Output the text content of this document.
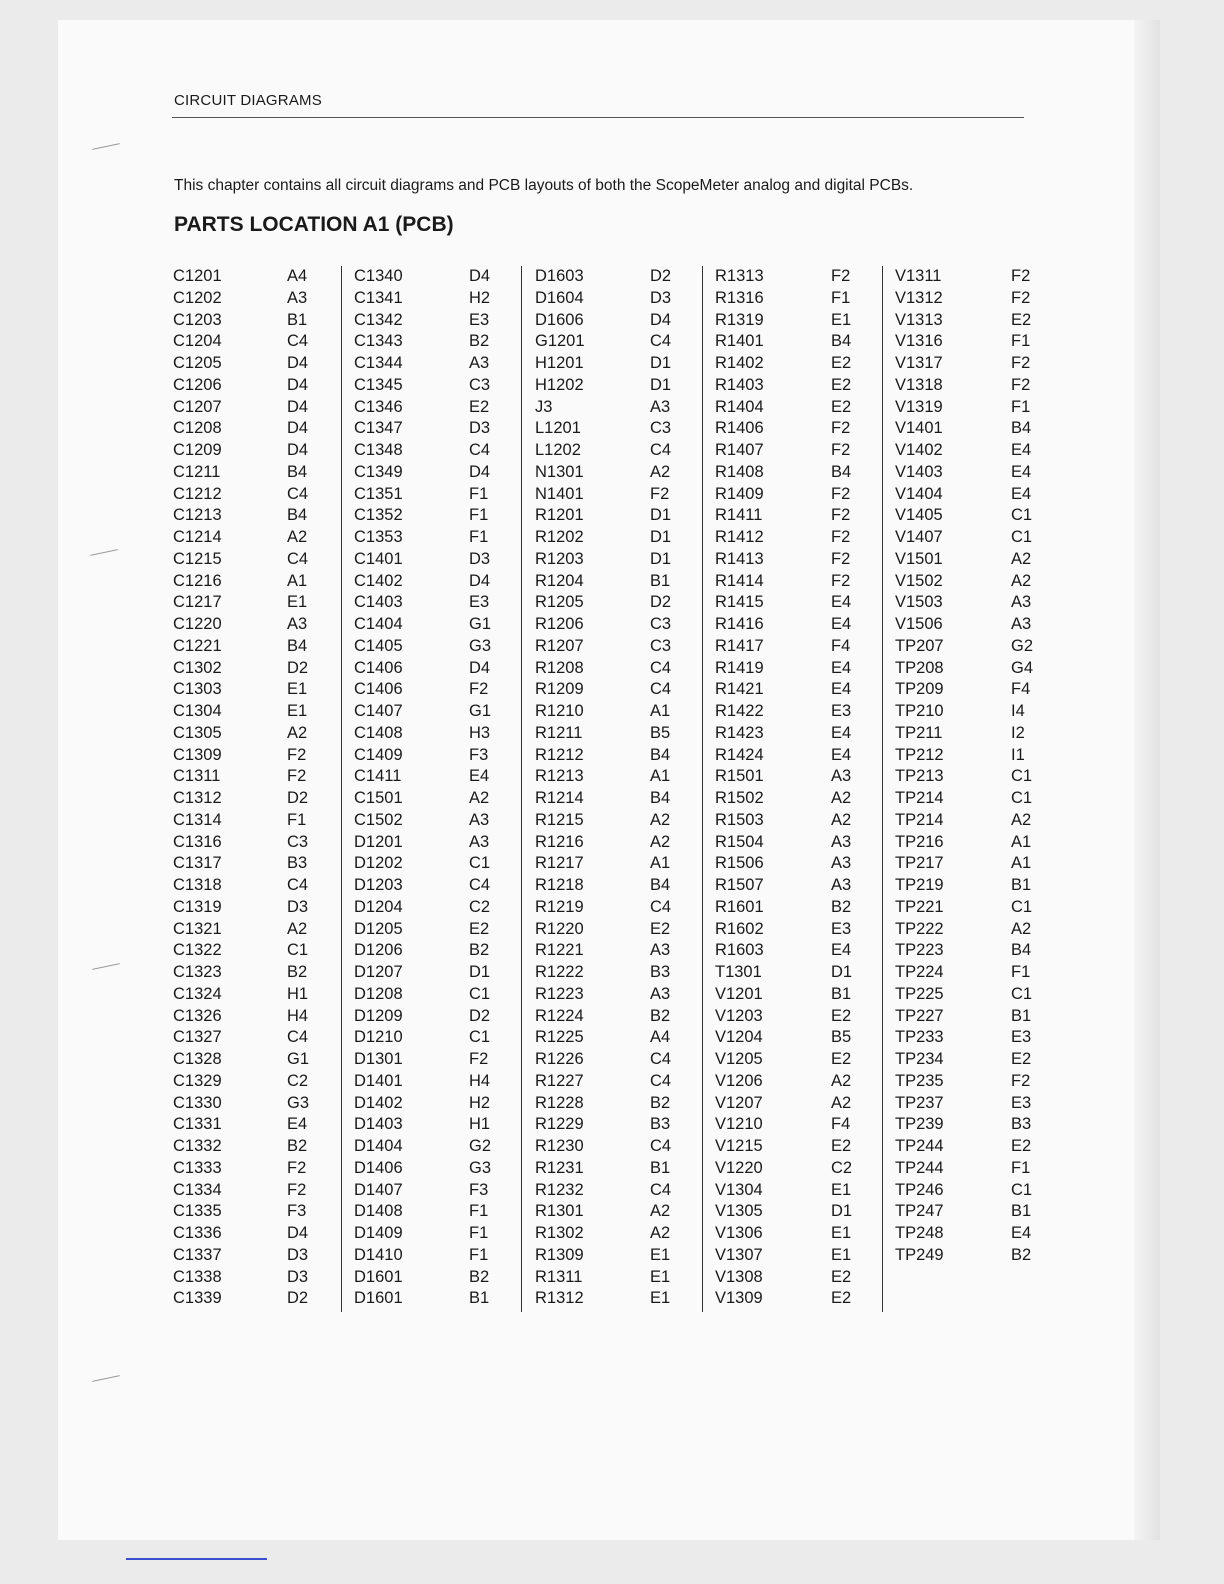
CIRCUIT DIAGRAMS
This chapter contains all circuit diagrams and PCB layouts of both the ScopeMeter analog and digital PCBs.
PARTS LOCATION A1 (PCB)
C1201	A4
C1202	A3
C1203	B1
C1204	C4
C1205	D4
C1206	D4
C1207	D4
C1208	D4
C1209	D4
C1211	B4
C1212	C4
C1213	B4
C1214	A2
C1215	C4
C1216	A1
C1217	E1
C1220	A3
C1221	B4
C1302	D2
C1303	E1
C1304	E1
C1305	A2
C1309	F2
C1311	F2
C1312	D2
C1314	F1
C1316	C3
C1317	B3
C1318	C4
C1319	D3
C1321	A2
C1322	C1
C1323	B2
C1324	H1
C1326	H4
C1327	C4
C1328	G1
C1329	C2
C1330	G3
C1331	E4
C1332	B2
C1333	F2
C1334	F2
C1335	F3
C1336	D4
C1337	D3
C1338	D3
C1339	D2
C1340	D4
C1341	H2
C1342	E3
C1343	B2
C1344	A3
C1345	C3
C1346	E2
C1347	D3
C1348	C4
C1349	D4
C1351	F1
C1352	F1
C1353	F1
C1401	D3
C1402	D4
C1403	E3
C1404	G1
C1405	G3
C1406	D4
C1406	F2
C1407	G1
C1408	H3
C1409	F3
C1411	E4
C1501	A2
C1502	A3
D1201	A3
D1202	C1
D1203	C4
D1204	C2
D1205	E2
D1206	B2
D1207	D1
D1208	C1
D1209	D2
D1210	C1
D1301	F2
D1401	H4
D1402	H2
D1403	H1
D1404	G2
D1406	G3
D1407	F3
D1408	F1
D1409	F1
D1410	F1
D1601	B2
D1601	B1
D1603	D2
D1604	D3
D1606	D4
G1201	C4
H1201	D1
H1202	D1
J3	A3
L1201	C3
L1202	C4
N1301	A2
N1401	F2
R1201	D1
R1202	D1
R1203	D1
R1204	B1
R1205	D2
R1206	C3
R1207	C3
R1208	C4
R1209	C4
R1210	A1
R1211	B5
R1212	B4
R1213	A1
R1214	B4
R1215	A2
R1216	A2
R1217	A1
R1218	B4
R1219	C4
R1220	E2
R1221	A3
R1222	B3
R1223	A3
R1224	B2
R1225	A4
R1226	C4
R1227	C4
R1228	B2
R1229	B3
R1230	C4
R1231	B1
R1232	C4
R1301	A2
R1302	A2
R1309	E1
R1311	E1
R1312	E1
R1313	F2
R1316	F1
R1319	E1
R1401	B4
R1402	E2
R1403	E2
R1404	E2
R1406	F2
R1407	F2
R1408	B4
R1409	F2
R1411	F2
R1412	F2
R1413	F2
R1414	F2
R1415	E4
R1416	E4
R1417	F4
R1419	E4
R1421	E4
R1422	E3
R1423	E4
R1424	E4
R1501	A3
R1502	A2
R1503	A2
R1504	A3
R1506	A3
R1507	A3
R1601	B2
R1602	E3
R1603	E4
T1301	D1
V1201	B1
V1203	E2
V1204	B5
V1205	E2
V1206	A2
V1207	A2
V1210	F4
V1215	E2
V1220	C2
V1304	E1
V1305	D1
V1306	E1
V1307	E1
V1308	E2
V1309	E2
V1311	F2
V1312	F2
V1313	E2
V1316	F1
V1317	F2
V1318	F2
V1319	F1
V1401	B4
V1402	E4
V1403	E4
V1404	E4
V1405	C1
V1407	C1
V1501	A2
V1502	A2
V1503	A3
V1506	A3
TP207	G2
TP208	G4
TP209	F4
TP210	I4
TP211	I2
TP212	I1
TP213	C1
TP214	C1
TP214	A2
TP216	A1
TP217	A1
TP219	B1
TP221	C1
TP222	A2
TP223	B4
TP224	F1
TP225	C1
TP227	B1
TP233	E3
TP234	E2
TP235	F2
TP237	E3
TP239	B3
TP244	E2
TP244	F1
TP246	C1
TP247	B1
TP248	E4
TP249	B2
